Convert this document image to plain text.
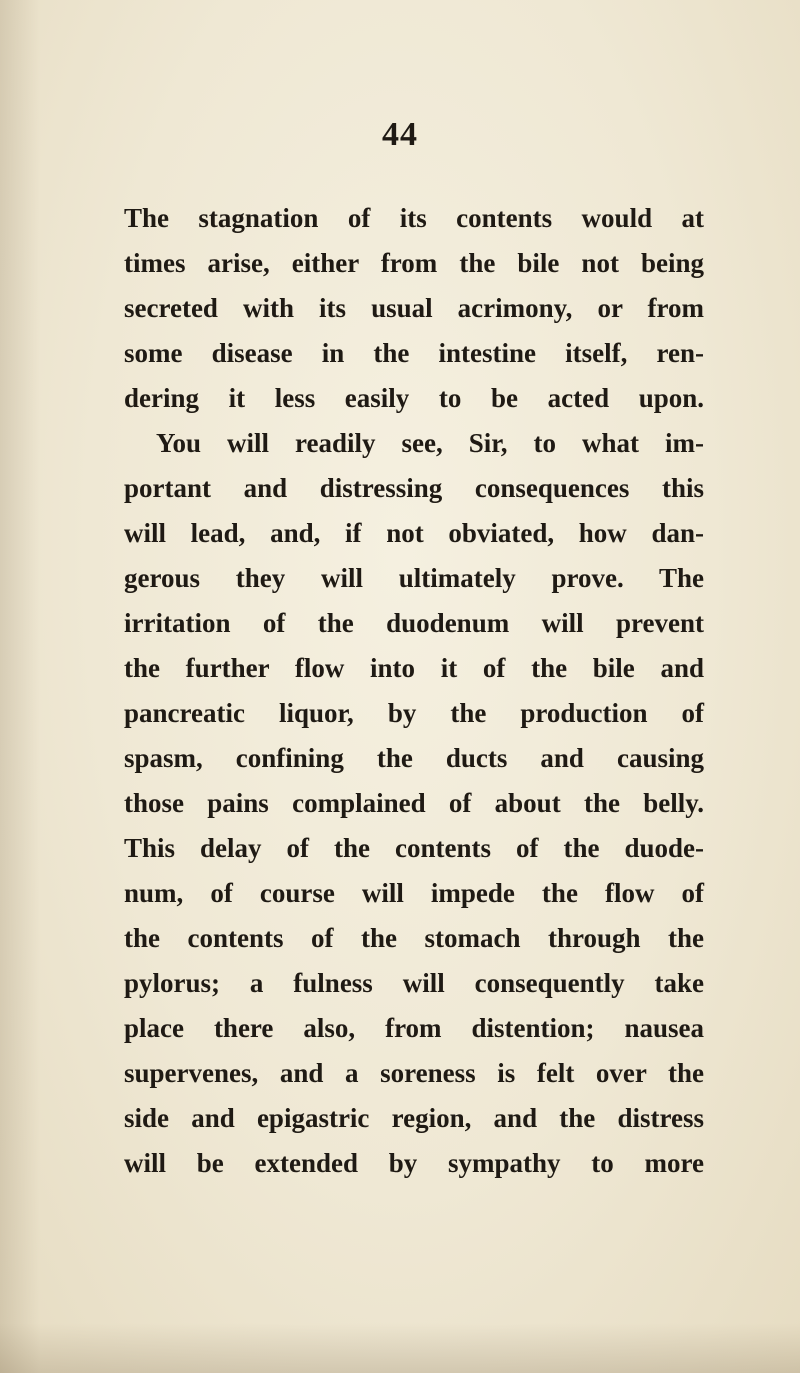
44
The stagnation of its contents would at
times arise, either from the bile not being
secreted with its usual acrimony, or from
some disease in the intestine itself, ren-
dering it less easily to be acted upon.
You will readily see, Sir, to what im-
portant and distressing consequences this
will lead, and, if not obviated, how dan-
gerous they will ultimately prove. The
irritation of the duodenum will prevent
the further flow into it of the bile and
pancreatic liquor, by the production of
spasm, confining the ducts and causing
those pains complained of about the belly.
This delay of the contents of the duode-
num, of course will impede the flow of
the contents of the stomach through the
pylorus; a fulness will consequently take
place there also, from distention; nausea
supervenes, and a soreness is felt over the
side and epigastric region, and the distress
will be extended by sympathy to more
